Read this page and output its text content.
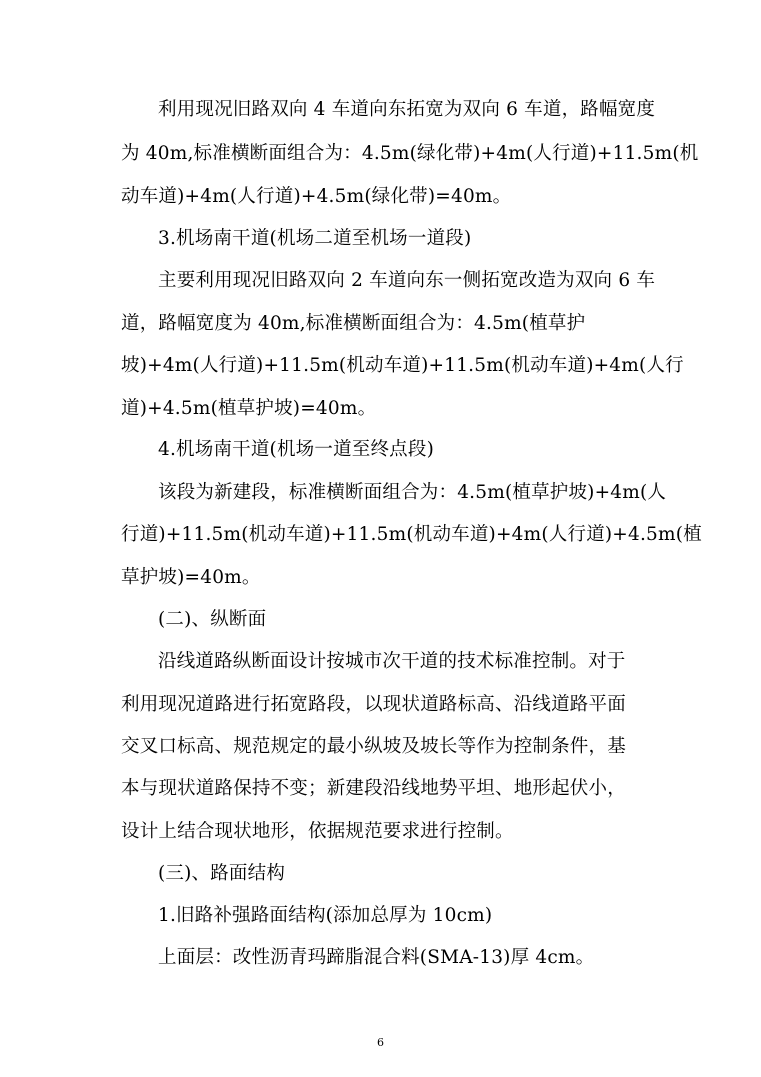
利用现况旧路双向 4 车道向东拓宽为双向 6 车道，路幅宽度
为 40m,标准横断面组合为：4.5m(绿化带)+4m(人行道)+11.5m(机
动车道)+4m(人行道)+4.5m(绿化带)=40m。
3.机场南干道(机场二道至机场一道段)
主要利用现况旧路双向 2 车道向东一侧拓宽改造为双向 6 车
道，路幅宽度为 40m,标准横断面组合为：4.5m(植草护
坡)+4m(人行道)+11.5m(机动车道)+11.5m(机动车道)+4m(人行
道)+4.5m(植草护坡)=40m。
4.机场南干道(机场一道至终点段)
该段为新建段，标准横断面组合为：4.5m(植草护坡)+4m(人
行道)+11.5m(机动车道)+11.5m(机动车道)+4m(人行道)+4.5m(植
草护坡)=40m。
(二)、纵断面
沿线道路纵断面设计按城市次干道的技术标准控制。对于
利用现况道路进行拓宽路段，以现状道路标高、沿线道路平面
交叉口标高、规范规定的最小纵坡及坡长等作为控制条件，基
本与现状道路保持不变；新建段沿线地势平坦、地形起伏小，
设计上结合现状地形，依据规范要求进行控制。
(三)、路面结构
1.旧路补强路面结构(添加总厚为 10cm)
上面层：改性沥青玛蹄脂混合料(SMA-13)厚 4cm。
6
